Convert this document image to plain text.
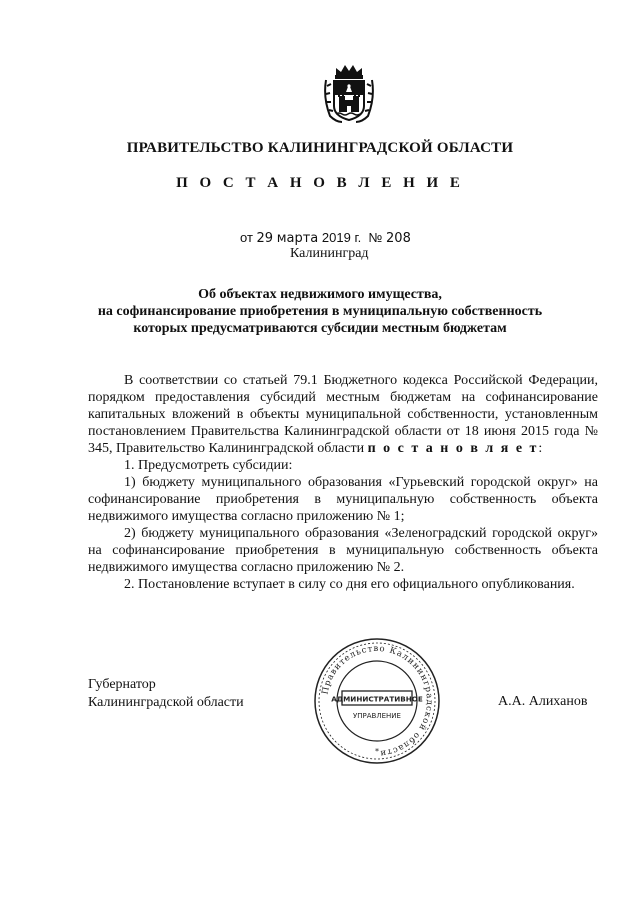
ПРАВИТЕЛЬСТВО КАЛИНИНГРАДСКОЙ ОБЛАСТИ
П О С Т А Н О В Л Е Н И Е
от 29 марта 2019 г. № 208
Калининград
Об объектах недвижимого имущества,
на софинансирование приобретения в муниципальную собственность
которых предусматриваются субсидии местным бюджетам

В соответствии со статьей 79.1 Бюджетного кодекса Российской Федерации, порядком предоставления субсидий местным бюджетам на софинансирование капитальных вложений в объекты муниципальной собственности, установленным постановлением Правительства Калининградской области от 18 июня 2015 года № 345, Правительство Калининградской области п о с т а н о в л я е т:

1. Предусмотреть субсидии:

1) бюджету муниципального образования «Гурьевский городской округ» на софинансирование приобретения в муниципальную собственность объекта недвижимого имущества согласно приложению № 1;

2) бюджету муниципального образования «Зеленоградский городской округ» на софинансирование приобретения в муниципальную собственность объекта недвижимого имущества согласно приложению № 2.

2. Постановление вступает в силу со дня его официального опубликования.

Губернатор
Калининградской области	А.А. Алиханов
Правительство Калининградской области
АДМИНИСТРАТИВНОЕ
УПРАВЛЕНИЕ
*
